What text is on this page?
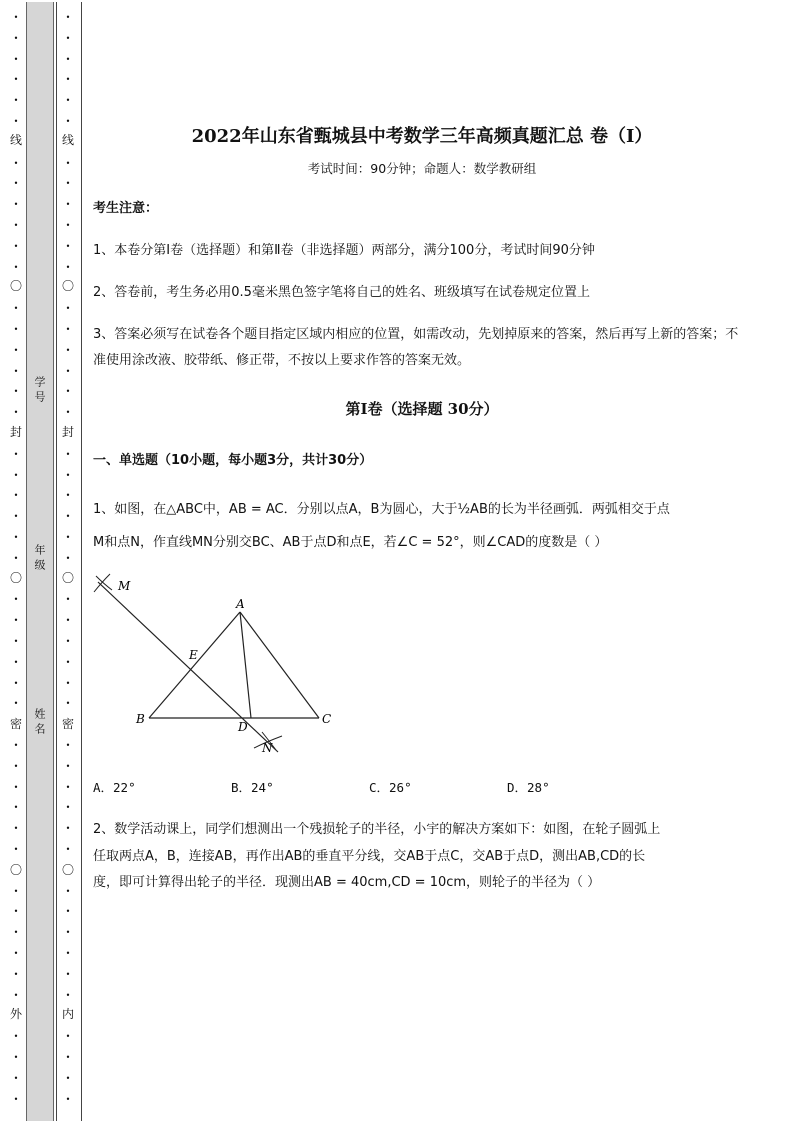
•
•
•
•
•
•
•
•
•
•
•
•
•
•
•
•
•
•
•
•
•
•
•
•
•
•
•
•
•
•
•
•
•
•
•
•
•
•
•
•
•
•
•
•
•
•
线
〇
封
〇
密
〇
外
•
•
•
•
•
•
•
•
•
•
•
•
•
•
•
•
•
•
•
•
•
•
•
•
•
•
•
•
•
•
•
•
•
•
•
•
•
•
•
•
•
•
•
•
•
•
线
〇
封
〇
密
〇
内
学号
年级
姓名
2022年山东省甄城县中考数学三年高频真题汇总 卷（Ⅰ）
考试时间：90分钟；命题人：数学教研组
考生注意：
1、本卷分第Ⅰ卷（选择题）和第Ⅱ卷（非选择题）两部分，满分100分，考试时间90分钟
2、答卷前，考生务必用0.5毫米黑色签字笔将自己的姓名、班级填写在试卷规定位置上
3、答案必须写在试卷各个题目指定区域内相应的位置，如需改动，先划掉原来的答案，然后再写上新的答案；不准使用涂改液、胶带纸、修正带，不按以上要求作答的答案无效。
第Ⅰ卷（选择题 30分）
一、单选题（10小题，每小题3分，共计30分）
1、如图，在△ABC中，AB = AC．分别以点A，B为圆心，大于½AB的长为半径画弧．两弧相交于点
M和点N，作直线MN分别交BC、AB于点D和点E，若∠C = 52°，则∠CAD的度数是（ ）
M
A
E
B
D
C
N
A．22°	B．24°	C．26°	D．28°
2、数学活动课上，同学们想测出一个残损轮子的半径，小宇的解决方案如下：如图，在轮子圆弧上
任取两点A，B，连接AB，再作出AB的垂直平分线，交AB于点C，交AB于点D，测出AB,CD的长
度，即可计算得出轮子的半径．现测出AB = 40cm,CD = 10cm，则轮子的半径为（ ）
